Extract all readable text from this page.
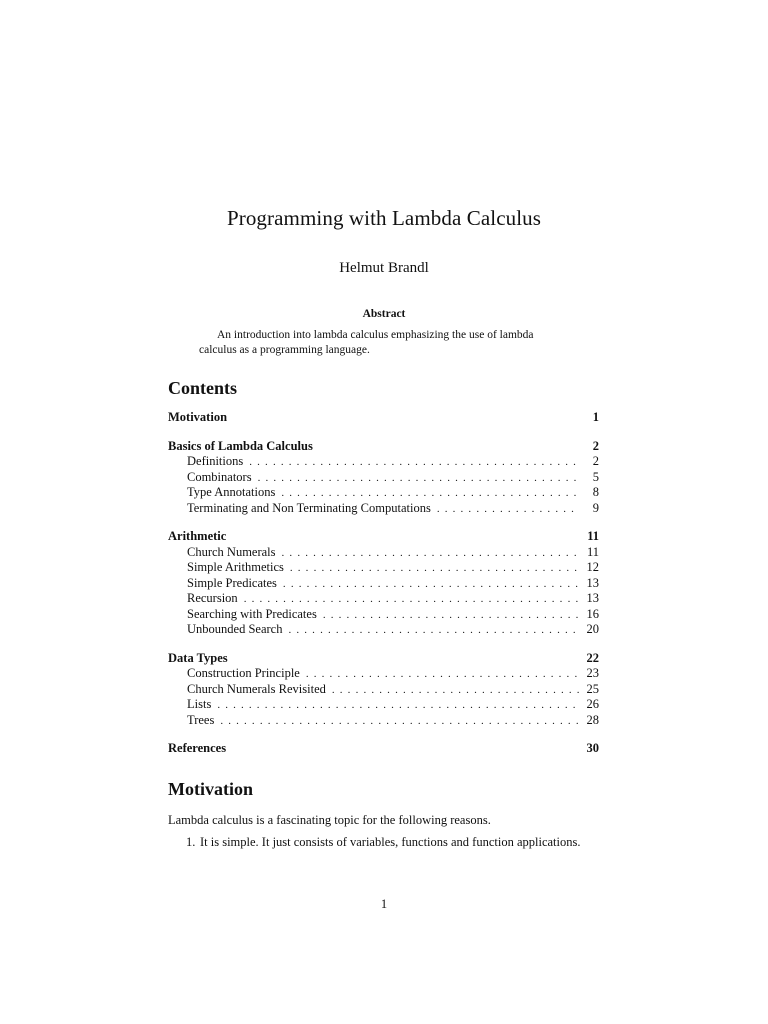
Programming with Lambda Calculus
Helmut Brandl
Abstract

An introduction into lambda calculus emphasizing the use of lambda calculus as a programming language.

Contents
Motivation	1
Basics of Lambda Calculus	2
Definitions . . .	2
Combinators . . .	5
Type Annotations . . .	8
Terminating and Non Terminating Computations . . .	9
Arithmetic	11
Church Numerals . . .	11
Simple Arithmetics . . .	12
Simple Predicates . . .	13
Recursion . . .	13
Searching with Predicates . . .	16
Unbounded Search . . .	20
Data Types	22
Construction Principle . . .	23
Church Numerals Revisited . . .	25
Lists . . .	26
Trees . . .	28
References	30
Motivation

Lambda calculus is a fascinating topic for the following reasons.

1. It is simple. It just consists of variables, functions and function applications.
1
